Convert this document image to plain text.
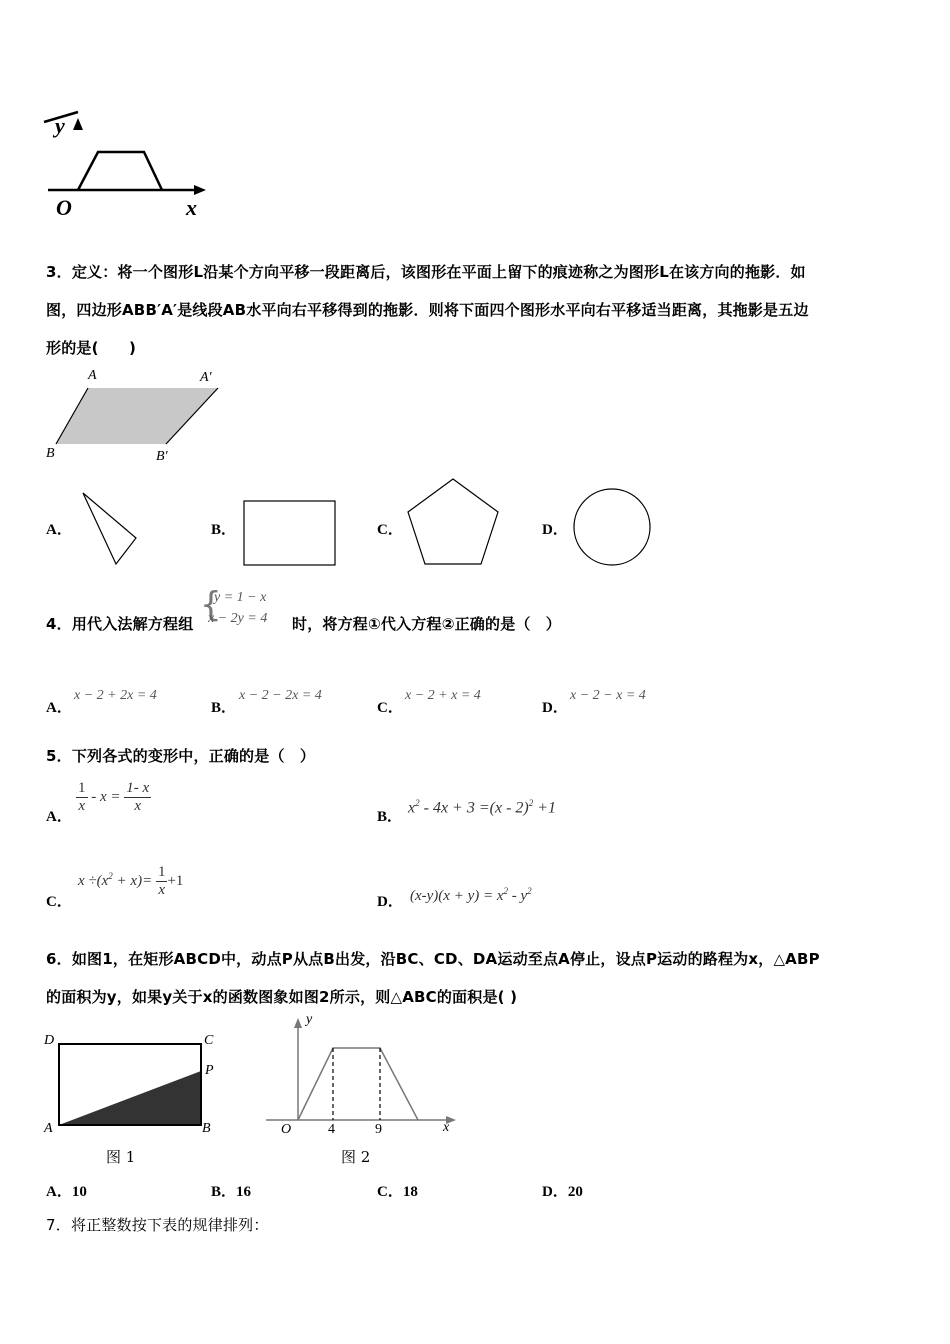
y
O	x
3．定义：将一个图形L沿某个方向平移一段距离后，该图形在平面上留下的痕迹称之为图形L在该方向的拖影．如
图，四边形ABB′A′是线段AB水平向右平移得到的拖影．则将下面四个图形水平向右平移适当距离，其拖影是五边
形的是(　　)
A	A′
B	B′
A．	B．	C．	D．
4．用代入法解方程组 {
y = 1 − x
x − 2y = 4 时，将方程①代入方程②正确的是（　）
A．
x − 2 + 2x = 4
B．
x − 2 − 2x = 4
C．
x − 2 + x = 4
D．
x − 2 − x = 4
5．下列各式的变形中，正确的是（　）
A．
$\frac{1}{x} - x = \frac{1- x}{x}$
B．
$x^2 - 4x + 3 =(x - 2)^2 +1$
C．
$x \div(x^2 + x)= \frac{1}{x} +1$
D． $(x-y)(x + y) = x^2 - y^2$
6．如图1，在矩形ABCD中，动点P从点B出发，沿BC、CD、DA运动至点A停止，设点P运动的路程为x，△ABP
的面积为y，如果y关于x的函数图象如图2所示，则△ABC的面积是( )
D	C
P
A	B
图 1
y
O	4	9	x
图 2
A．10	B．16	C．18	D．20
7．将正整数按下表的规律排列：
